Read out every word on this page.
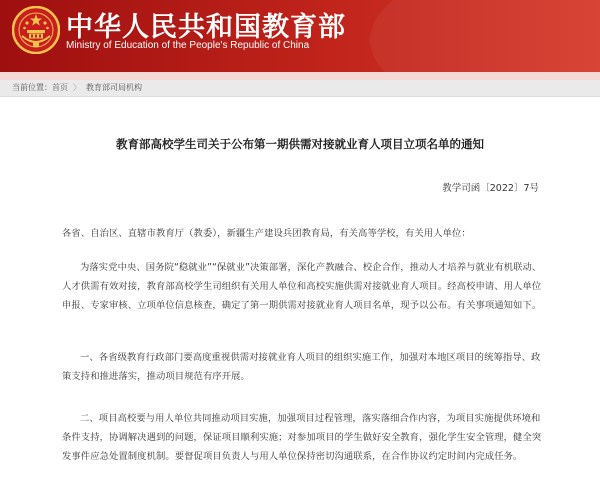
中华人民共和国教育部
Ministry of Education of the People's Republic of China
当前位置：首页 〉 教育部司局机构
教育部高校学生司关于公布第一期供需对接就业育人项目立项名单的通知
教学司函〔2022〕7号
各省、自治区、直辖市教育厅（教委），新疆生产建设兵团教育局，有关高等学校，有关用人单位：
为落实党中央、国务院“稳就业”“保就业”决策部署，深化产教融合、校企合作，推动人才培养与就业有机联动、人才供需有效对接，教育部高校学生司组织有关用人单位和高校实施供需对接就业育人项目。经高校申请、用人单位申报、专家审核、立项单位信息核查，确定了第一期供需对接就业育人项目名单，现予以公布。有关事项通知如下。
一、各省级教育行政部门要高度重视供需对接就业育人项目的组织实施工作，加强对本地区项目的统筹指导、政策支持和推进落实，推动项目规范有序开展。
二、项目高校要与用人单位共同推动项目实施，加强项目过程管理，落实落细合作内容，为项目实施提供环境和条件支持，协调解决遇到的问题，保证项目顺利实施；对参加项目的学生做好安全教育，强化学生安全管理，健全突发事件应急处置制度机制。要督促项目负责人与用人单位保持密切沟通联系，在合作协议约定时间内完成任务。
